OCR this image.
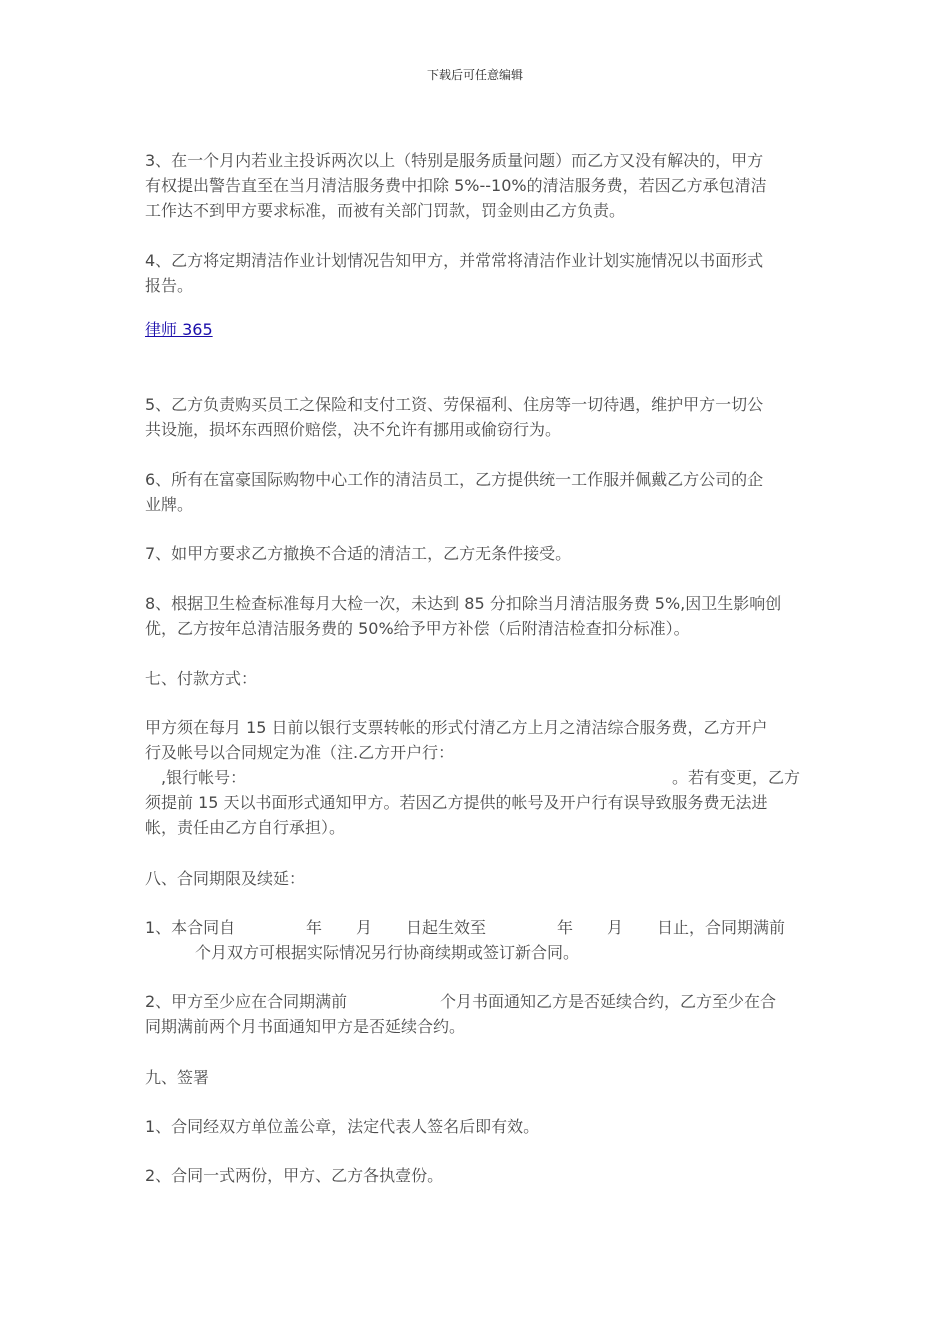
下载后可任意编辑

3、在一个月内若业主投诉两次以上（特别是服务质量问题）而乙方又没有解决的，甲方

有权提出警告直至在当月清洁服务费中扣除 5%--10%的清洁服务费，若因乙方承包清洁

工作达不到甲方要求标准，而被有关部门罚款，罚金则由乙方负责。

4、乙方将定期清洁作业计划情况告知甲方，并常常将清洁作业计划实施情况以书面形式

报告。

律师 365

5、乙方负责购买员工之保险和支付工资、劳保福利、住房等一切待遇，维护甲方一切公

共设施，损坏东西照价赔偿，决不允许有挪用或偷窃行为。

6、所有在富豪国际购物中心工作的清洁员工，乙方提供统一工作服并佩戴乙方公司的企

业牌。

7、如甲方要求乙方撤换不合适的清洁工，乙方无条件接受。

8、根据卫生检查标准每月大检一次，未达到 85 分扣除当月清洁服务费 5%,因卫生影响创

优，乙方按年总清洁服务费的 50%给予甲方补偿（后附清洁检查扣分标准）。

七、付款方式：

甲方须在每月 15 日前以银行支票转帐的形式付清乙方上月之清洁综合服务费，乙方开户

行及帐号以合同规定为准（注.乙方开户行：

,银行帐号：	。若有变更，乙方

须提前 15 天以书面形式通知甲方。若因乙方提供的帐号及开户行有误导致服务费无法进

帐，责任由乙方自行承担）。

八、合同期限及续延：

1、本合同自	年 月 日起生效至	年 月 日止，合同期满前

个月双方可根据实际情况另行协商续期或签订新合同。

2、甲方至少应在合同期满前	个月书面通知乙方是否延续合约，乙方至少在合

同期满前两个月书面通知甲方是否延续合约。

九、签署

1、合同经双方单位盖公章，法定代表人签名后即有效。

2、合同一式两份，甲方、乙方各执壹份。
